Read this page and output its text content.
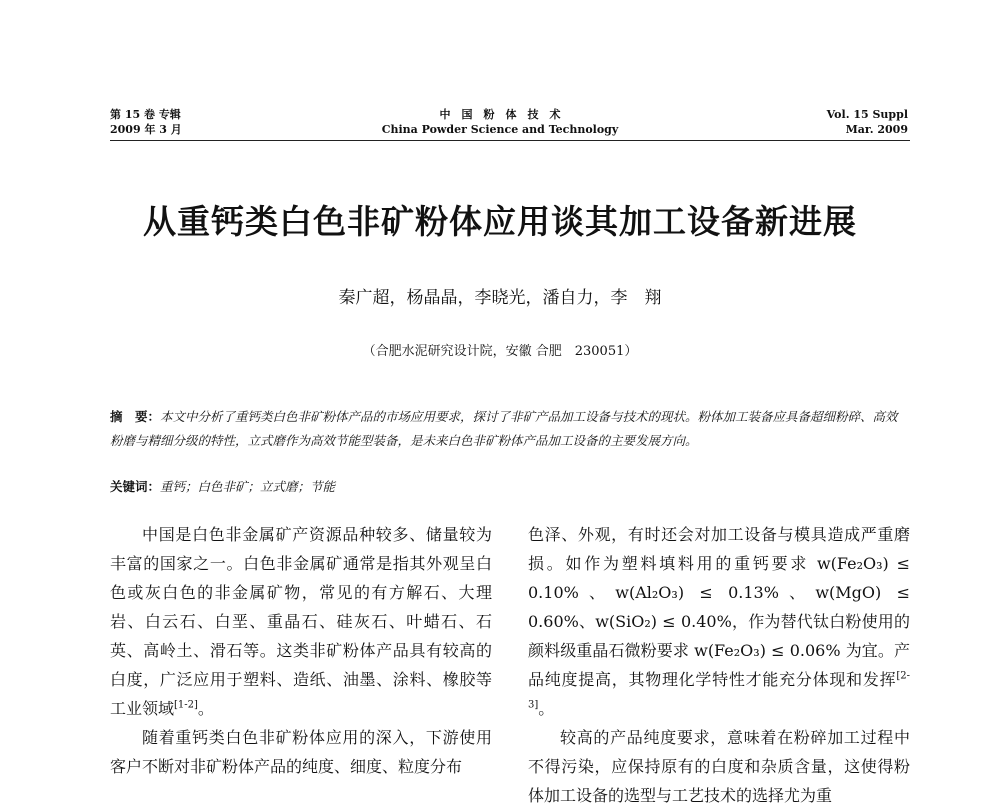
第 15 卷 专辑
2009 年 3 月
中　国　粉　体　技　术
China Powder Science and Technology
Vol. 15 Suppl
Mar. 2009
从重钙类白色非矿粉体应用谈其加工设备新进展
秦广超，杨晶晶，李晓光，潘自力，李　翔
（合肥水泥研究设计院，安徽 合肥　230051）
摘　要：本文中分析了重钙类白色非矿粉体产品的市场应用要求，探讨了非矿产品加工设备与技术的现状。粉体加工装备应具备超细粉碎、高效粉磨与精细分级的特性，立式磨作为高效节能型装备，是未来白色非矿粉体产品加工设备的主要发展方向。
关键词：重钙；白色非矿；立式磨；节能

中国是白色非金属矿产资源品种较多、储量较为丰富的国家之一。白色非金属矿通常是指其外观呈白色或灰白色的非金属矿物，常见的有方解石、大理岩、白云石、白垩、重晶石、硅灰石、叶蜡石、石英、高岭土、滑石等。这类非矿粉体产品具有较高的白度，广泛应用于塑料、造纸、油墨、涂料、橡胶等工业领域[1-2]。

随着重钙类白色非矿粉体应用的深入，下游使用客户不断对非矿粉体产品的纯度、细度、粒度分布

色泽、外观，有时还会对加工设备与模具造成严重磨损。如作为塑料填料用的重钙要求 w(Fe₂O₃) ≤ 0.10%、w(Al₂O₃) ≤ 0.13%、w(MgO) ≤ 0.60%、w(SiO₂) ≤ 0.40%，作为替代钛白粉使用的颜料级重晶石微粉要求 w(Fe₂O₃) ≤ 0.06% 为宜。产品纯度提高，其物理化学特性才能充分体现和发挥[2-3]。

较高的产品纯度要求，意味着在粉碎加工过程中不得污染，应保持原有的白度和杂质含量，这使得粉体加工设备的选型与工艺技术的选择尤为重
